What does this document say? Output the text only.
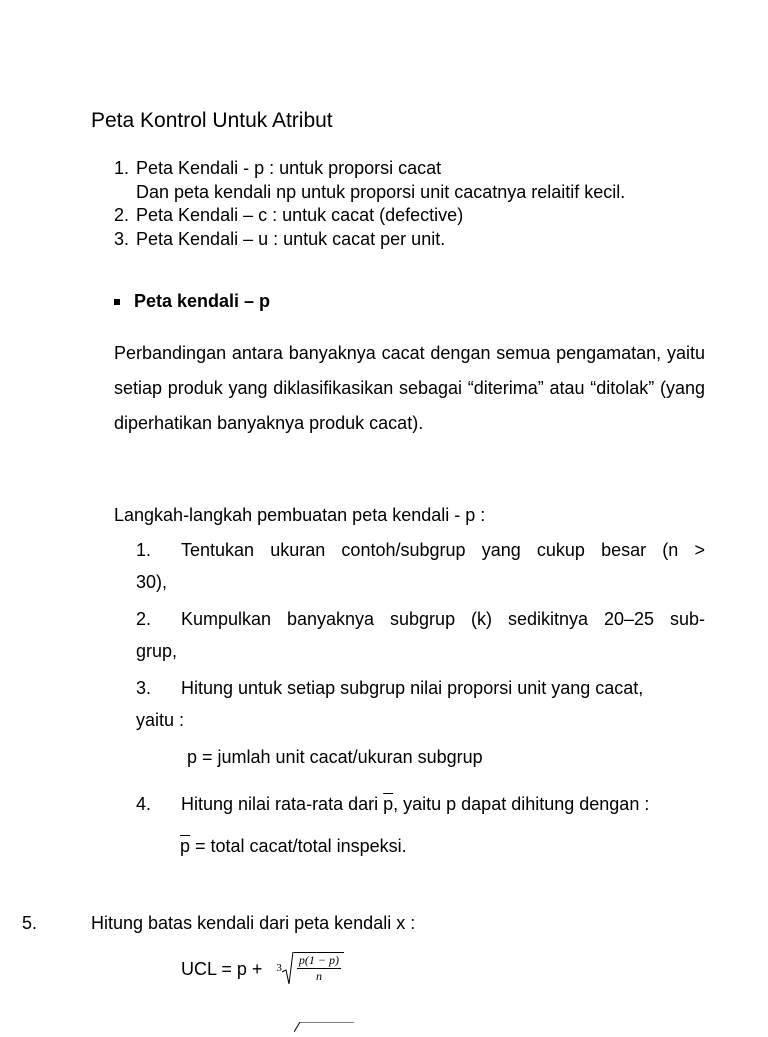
Peta Kontrol Untuk Atribut
1. Peta Kendali - p : untuk proporsi cacat
Dan peta kendali np untuk proporsi unit cacatnya relaitif kecil.
2. Peta Kendali – c : untuk cacat (defective)
3. Peta Kendali – u : untuk cacat per unit.
Peta kendali – p

Perbandingan antara banyaknya cacat dengan semua pengamatan, yaitu setiap produk yang diklasifikasikan sebagai “diterima” atau “ditolak” (yang diperhatikan banyaknya produk cacat).

Langkah-langkah pembuatan peta kendali - p :
1.	Tentukan ukuran contoh/subgrup yang cukup besar (n >
30),
2.	Kumpulkan banyaknya subgrup (k) sedikitnya 20–25 sub-
grup,
3. Hitung untuk setiap subgrup nilai proporsi unit yang cacat,
yaitu :
p = jumlah unit cacat/ukuran subgrup
4. Hitung nilai rata-rata dari $\overline{p}$, yaitu p dapat dihitung dengan :
$\overline{p}$ = total cacat/total inspeksi.
5.	Hitung batas kendali dari peta kendali x :
UCL = $p + 3 \frac{p(1 - p)}{n}$
